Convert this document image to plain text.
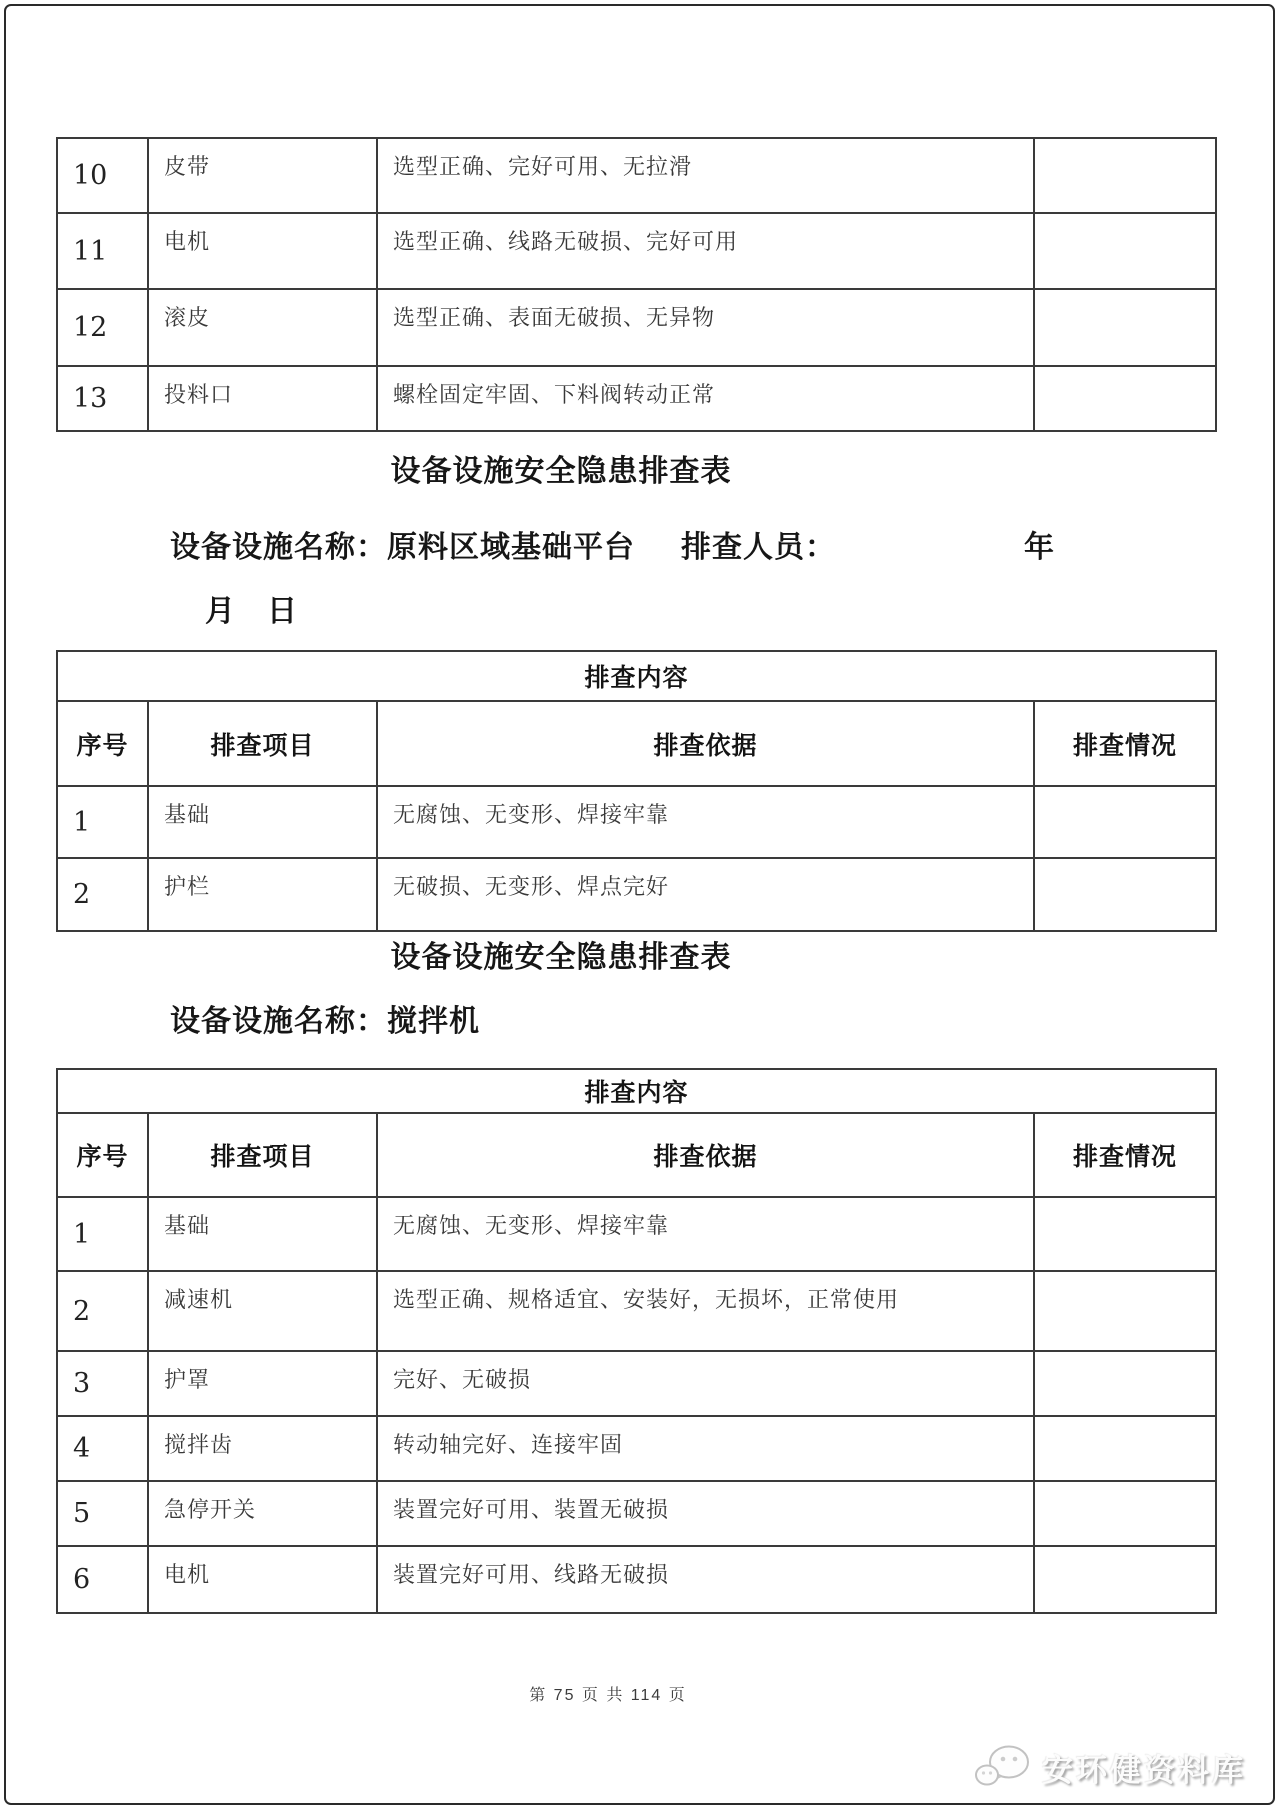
10	皮带	选型正确、完好可用、无拉滑	
11	电机	选型正确、线路无破损、完好可用	
12	滚皮	选型正确、表面无破损、无异物	
13	投料口	螺栓固定牢固、下料阀转动正常	
设备设施安全隐患排查表
设备设施名称：原料区域基础平台 排查人员：	年
月　日
排查内容			
序号	排查项目	排查依据	排查情况
1	基础	无腐蚀、无变形、焊接牢靠	
2	护栏	无破损、无变形、焊点完好	
设备设施安全隐患排查表
设备设施名称：搅拌机
排查内容			
序号	排查项目	排查依据	排查情况
1	基础	无腐蚀、无变形、焊接牢靠	
2	减速机	选型正确、规格适宜、安装好，无损坏，正常使用	
3	护罩	完好、无破损	
4	搅拌齿	转动轴完好、连接牢固	
5	急停开关	装置完好可用、装置无破损	
6	电机	装置完好可用、线路无破损	
第 75 页 共 114 页
安环健资料库
